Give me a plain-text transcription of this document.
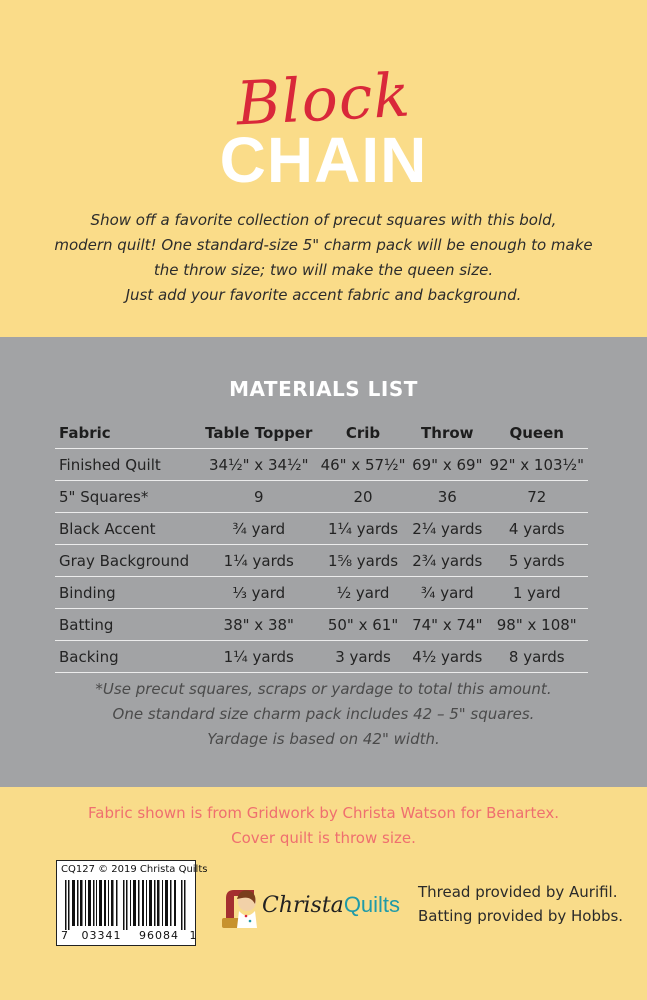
Block
CHAIN
Show off a favorite collection of precut squares with this bold,
modern quilt! One standard-size 5" charm pack will be enough to make
the throw size; two will make the queen size.
Just add your favorite accent fabric and background.
MATERIALS LIST
Fabric	Table Topper	Crib	Throw	Queen
Finished Quilt	34½" x 34½"	46" x 57½"	69" x 69"	92" x 103½"
5" Squares*	9	20	36	72
Black Accent	¾ yard	1¼ yards	2¼ yards	4 yards
Gray Background	1¼ yards	1⅝ yards	2¾ yards	5 yards
Binding	⅓ yard	½ yard	¾ yard	1 yard
Batting	38" x 38"	50" x 61"	74" x 74"	98" x 108"
Backing	1¼ yards	3 yards	4½ yards	8 yards
*Use precut squares, scraps or yardage to total this amount.
One standard size charm pack includes 42 – 5" squares.
Yardage is based on 42" width.
Fabric shown is from Gridwork by Christa Watson for Benartex.
Cover quilt is throw size.
CQ127 © 2019 Christa Quilts
7 03341 96084 1
ChristaQuilts Thread provided by Aurifil.
Batting provided by Hobbs.
